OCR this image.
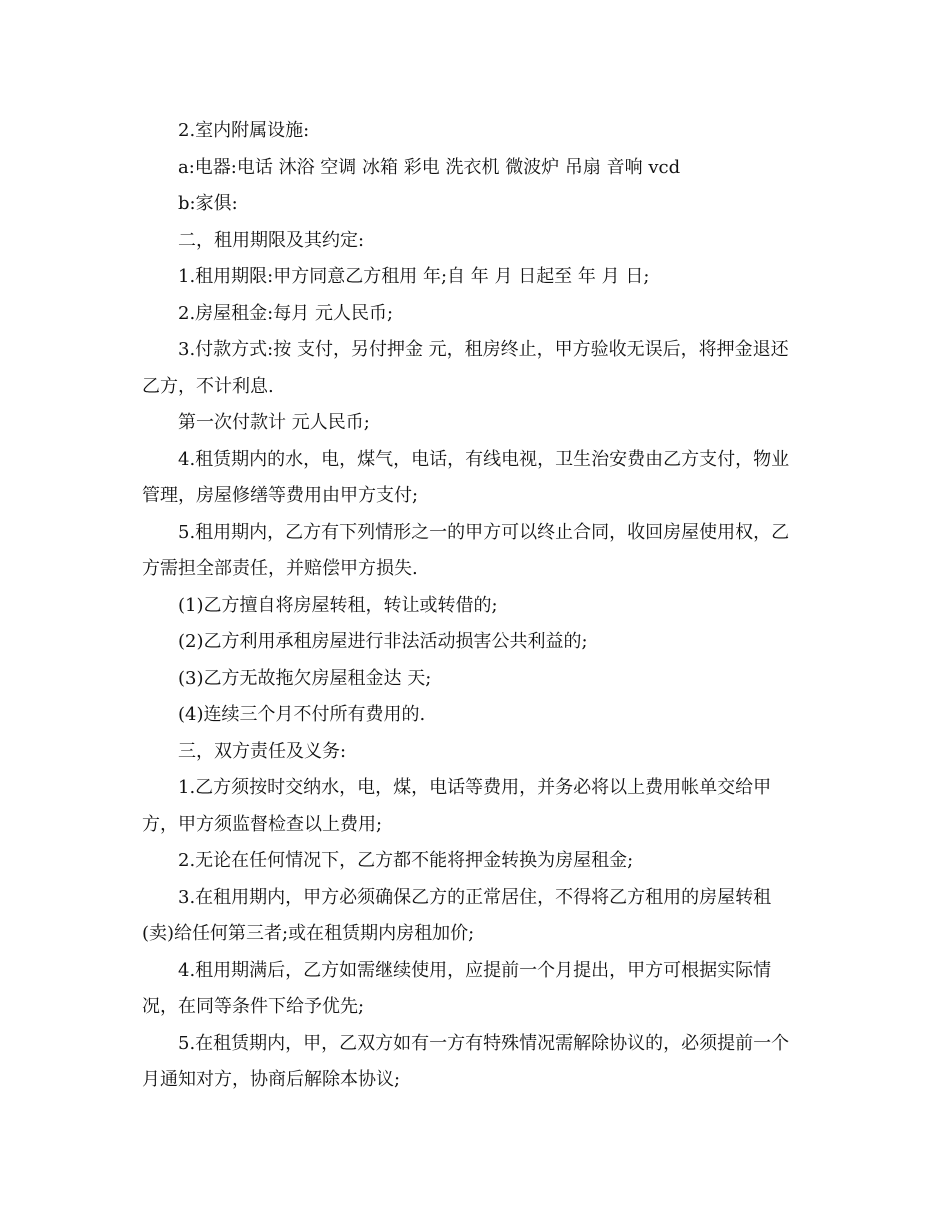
2.室内附属设施:

a:电器:电话 沐浴 空调 冰箱 彩电 洗衣机 微波炉 吊扇 音响 vcd

b:家俱:

二，租用期限及其约定:

1.租用期限:甲方同意乙方租用 年;自 年 月 日起至 年 月 日;

2.房屋租金:每月 元人民币;

3.付款方式:按 支付，另付押金 元，租房终止，甲方验收无误后，将押金退还乙方，不计利息.

第一次付款计 元人民币;

4.租赁期内的水，电，煤气，电话，有线电视，卫生治安费由乙方支付，物业管理，房屋修缮等费用由甲方支付;

5.租用期内，乙方有下列情形之一的甲方可以终止合同，收回房屋使用权，乙方需担全部责任，并赔偿甲方损失.

(1)乙方擅自将房屋转租，转让或转借的;

(2)乙方利用承租房屋进行非法活动损害公共利益的;

(3)乙方无故拖欠房屋租金达 天;

(4)连续三个月不付所有费用的.

三，双方责任及义务:

1.乙方须按时交纳水，电，煤，电话等费用，并务必将以上费用帐单交给甲方，甲方须监督检查以上费用;

2.无论在任何情况下，乙方都不能将押金转换为房屋租金;

3.在租用期内，甲方必须确保乙方的正常居住，不得将乙方租用的房屋转租(卖)给任何第三者;或在租赁期内房租加价;

4.租用期满后，乙方如需继续使用，应提前一个月提出，甲方可根据实际情况，在同等条件下给予优先;

5.在租赁期内，甲，乙双方如有一方有特殊情况需解除协议的，必须提前一个月通知对方，协商后解除本协议;
